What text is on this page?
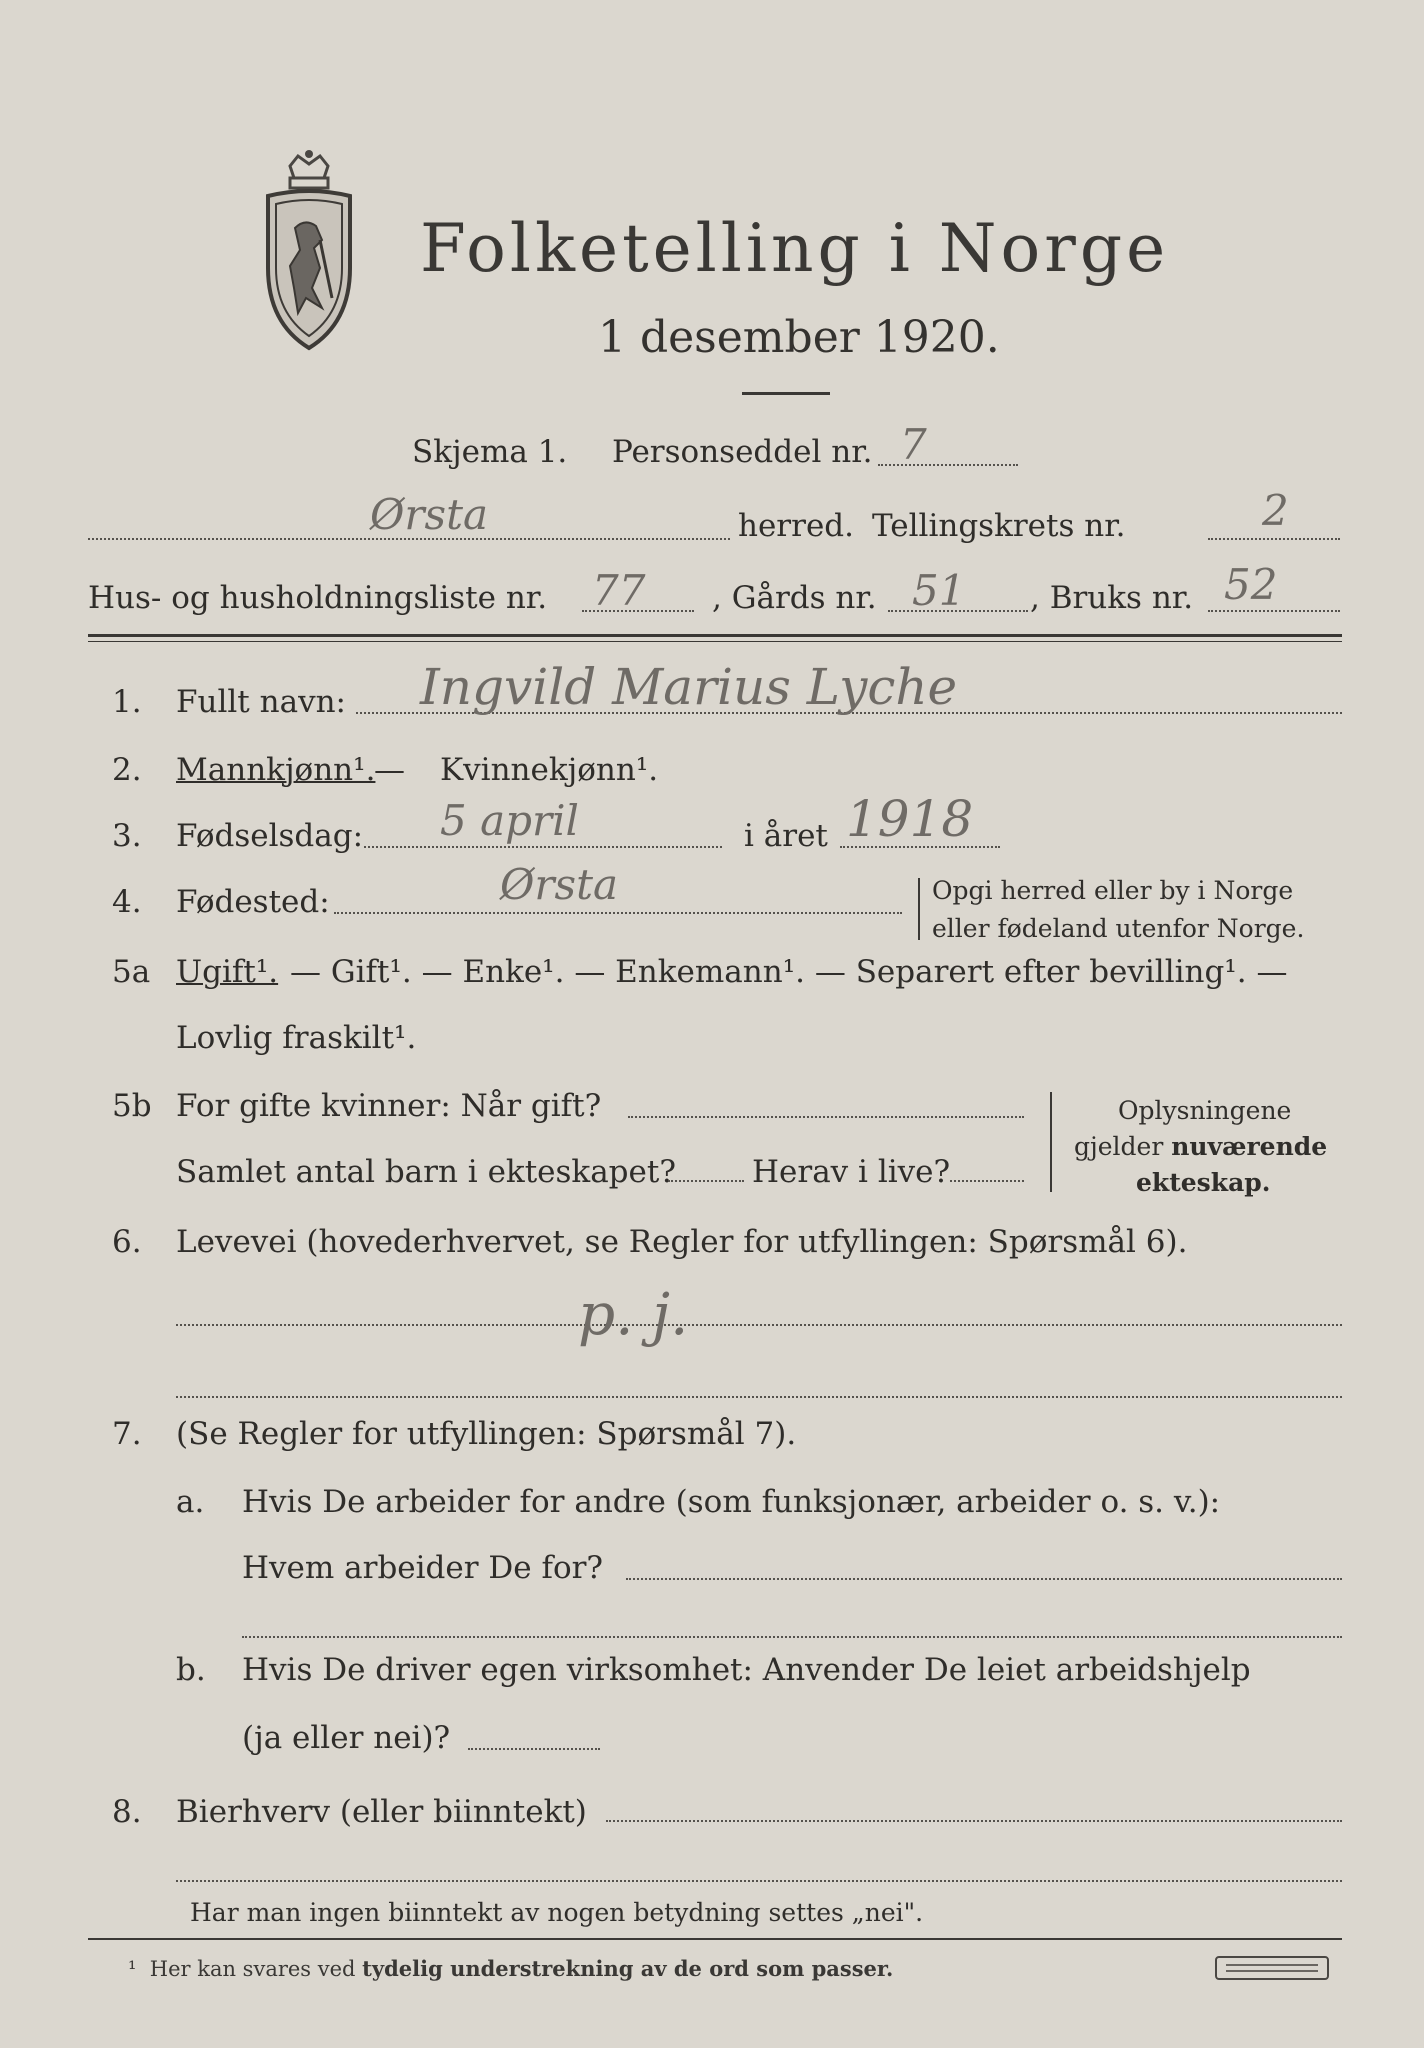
Folketelling i Norge
1 desember 1920.
Skjema 1. Personseddel nr. 7
Ørsta	herred. Tellingskrets nr.	2
Hus- og husholdningsliste nr. 77 , Gårds nr. 51 , Bruks nr. 52
1. Fullt navn: Ingvild Marius Lyche
2. Mannkjønn¹.
— Kvinnekjønn¹.
3. Fødselsdag: 5 april	i året 1918
4. Fødested:	Ørsta	Opgi herred eller by i Norge
eller fødeland utenfor Norge.
5a Ugift¹. — Gift¹. — Enke¹. — Enkemann¹. — Separert efter bevilling¹. —
Lovlig fraskilt¹.
5b For gifte kvinner: Når gift?
Samlet antal barn i ekteskapet? Herav i live?
Oplysningene
gjelder nuværende
ekteskap.
6. Levevei (hovederhvervet, se Regler for utfyllingen: Spørsmål 6).
p. j.
7. (Se Regler for utfyllingen: Spørsmål 7).
a. Hvis De arbeider for andre (som funksjonær, arbeider o. s. v.):
Hvem arbeider De for?
b. Hvis De driver egen virksomhet: Anvender De leiet arbeidshjelp
(ja eller nei)?
8. Bierhverv (eller biinntekt)
Har man ingen biinntekt av nogen betydning settes „nei".
¹ Her kan svares ved tydelig understrekning av de ord som passer.
